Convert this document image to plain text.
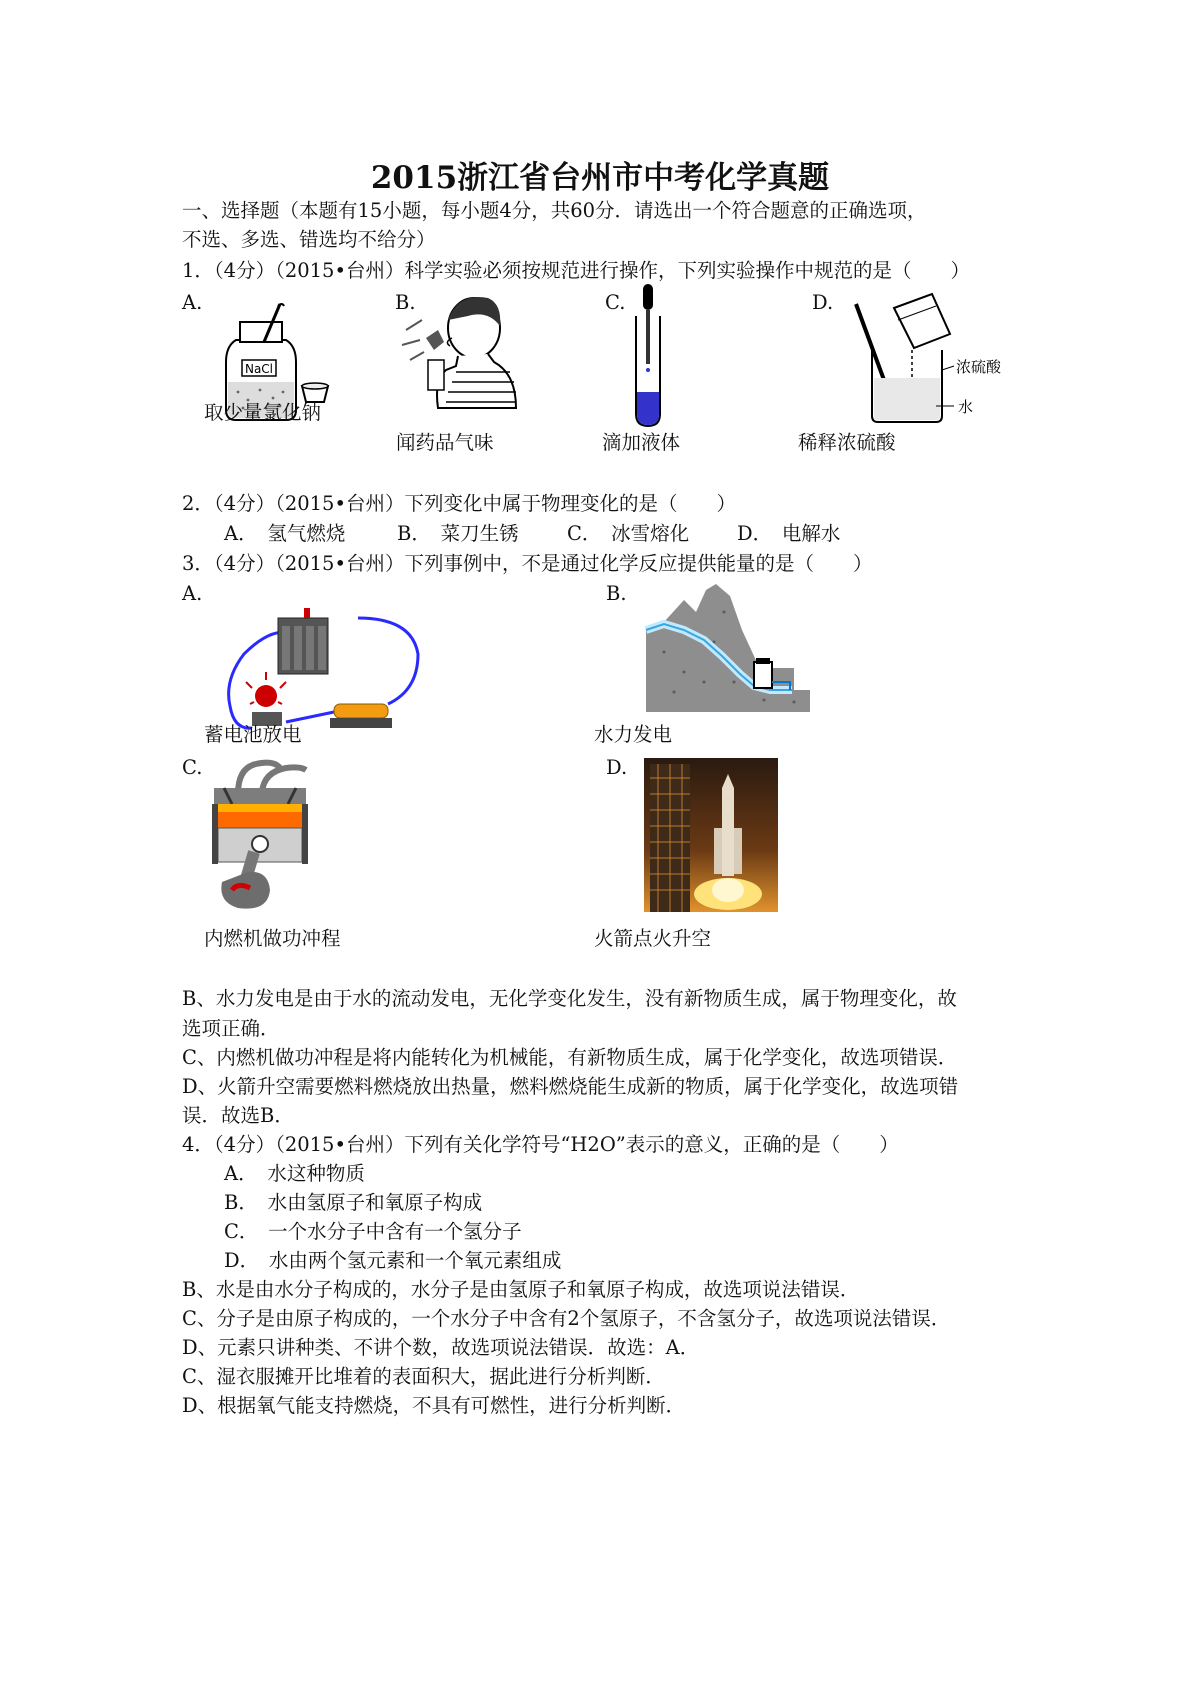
2015浙江省台州市中考化学真题
一、选择题（本题有15小题，每小题4分，共60分．请选出一个符合题意的正确选项，
不选、多选、错选均不给分）
1．（4分）（2015•台州）科学实验必须按规范进行操作，下列实验操作中规范的是（　　）
A.	B.	C.	D.
NaCl
取少量氯化钠
闻药品气味	滴加液体
浓硫酸
水
稀释浓硫酸
2．（4分）（2015•台州）下列变化中属于物理变化的是（　　）
A．　氢气燃烧	B．　菜刀生锈 C．　冰雪熔化 D．　电解水
3．（4分）（2015•台州）下列事例中，不是通过化学反应提供能量的是（　　）
A.	B.
蓄电池放电	水力发电
C.	D.
内燃机做功冲程	火箭点火升空
B、水力发电是由于水的流动发电，无化学变化发生，没有新物质生成，属于物理变化，故
选项正确．
C、内燃机做功冲程是将内能转化为机械能，有新物质生成，属于化学变化，故选项错误．
D、火箭升空需要燃料燃烧放出热量，燃料燃烧能生成新的物质，属于化学变化，故选项错
误．故选B．
4．（4分）（2015•台州）下列有关化学符号“H2O”表示的意义，正确的是（　　）
A．　水这种物质
B．　水由氢原子和氧原子构成
C．　一个水分子中含有一个氢分子
D．　水由两个氢元素和一个氧元素组成
B、水是由水分子构成的，水分子是由氢原子和氧原子构成，故选项说法错误．
C、分子是由原子构成的，一个水分子中含有2个氢原子，不含氢分子，故选项说法错误．
D、元素只讲种类、不讲个数，故选项说法错误．故选：A．
C、湿衣服摊开比堆着的表面积大，据此进行分析判断．
D、根据氧气能支持燃烧，不具有可燃性，进行分析判断．
